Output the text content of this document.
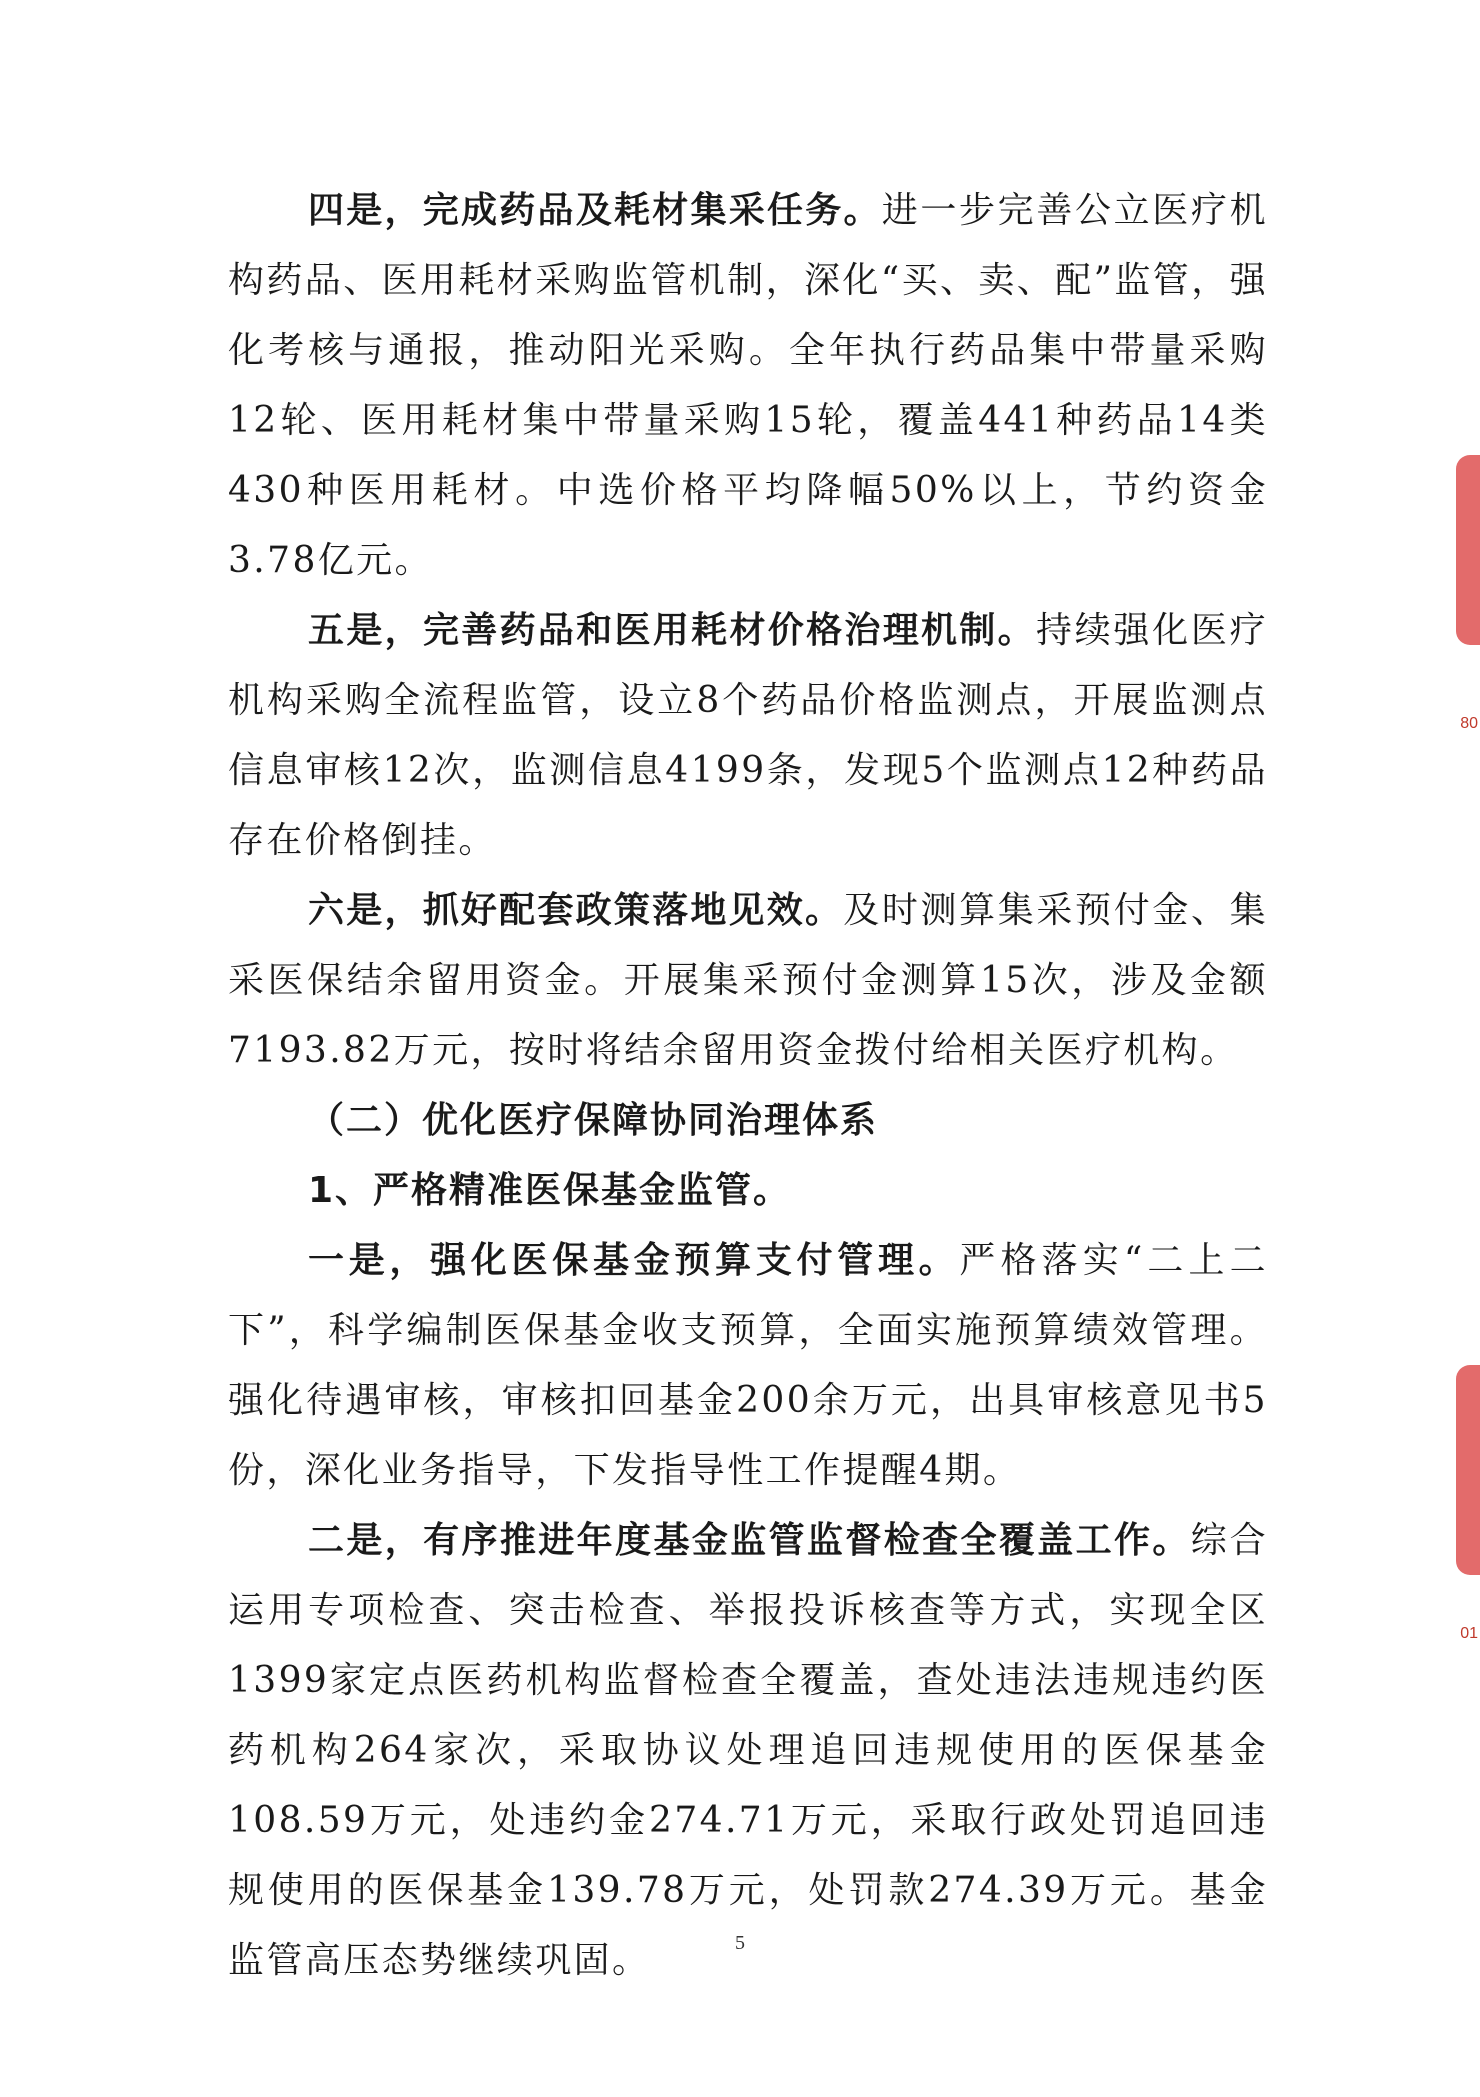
四是，完成药品及耗材集采任务。进一步完善公立医疗机构药品、医用耗材采购监管机制，深化“买、卖、配”监管，强化考核与通报，推动阳光采购。全年执行药品集中带量采购12轮、医用耗材集中带量采购15轮，覆盖441种药品14类430种医用耗材。中选价格平均降幅50%以上，节约资金3.78亿元。

五是，完善药品和医用耗材价格治理机制。持续强化医疗机构采购全流程监管，设立8个药品价格监测点，开展监测点信息审核12次，监测信息4199条，发现5个监测点12种药品存在价格倒挂。

六是，抓好配套政策落地见效。及时测算集采预付金、集采医保结余留用资金。开展集采预付金测算15次，涉及金额7193.82万元，按时将结余留用资金拨付给相关医疗机构。

（二）优化医疗保障协同治理体系

1、严格精准医保基金监管。

一是，强化医保基金预算支付管理。严格落实“二上二下”，科学编制医保基金收支预算，全面实施预算绩效管理。强化待遇审核，审核扣回基金200余万元，出具审核意见书5份，深化业务指导，下发指导性工作提醒4期。

二是，有序推进年度基金监管监督检查全覆盖工作。综合运用专项检查、突击检查、举报投诉核查等方式，实现全区1399家定点医药机构监督检查全覆盖，查处违法违规违约医药机构264家次，采取协议处理追回违规使用的医保基金108.59万元，处违约金274.71万元，采取行政处罚追回违规使用的医保基金139.78万元，处罚款274.39万元。基金监管高压态势继续巩固。

80
01
5
